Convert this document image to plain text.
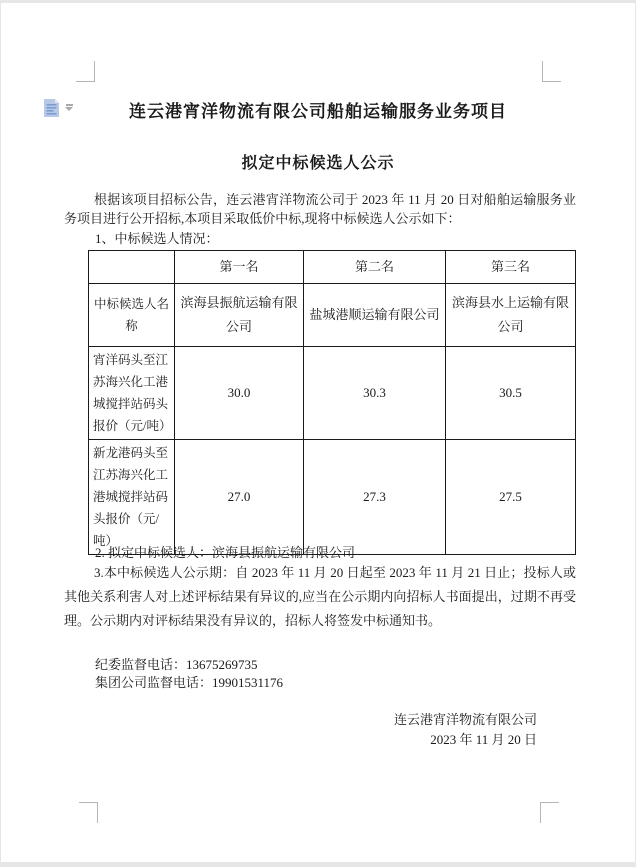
连云港宵洋物流有限公司船舶运输服务业务项目
拟定中标候选人公示
根据该项目招标公告，连云港宵洋物流公司于 2023 年 11 月 20 日对船舶运输服务业务项目进行公开招标,本项目采取低价中标,现将中标候选人公示如下：
1、中标候选人情况：
	第一名	第二名	第三名
中标候选人名称	滨海县振航运输有限公司	盐城港顺运输有限公司	滨海县水上运输有限公司
宵洋码头至江苏海兴化工港城搅拌站码头报价（元/吨）	30.0	30.3	30.5
新龙港码头至江苏海兴化工港城搅拌站码头报价（元/吨）	27.0	27.3	27.5
2. 拟定中标候选人：滨海县振航运输有限公司
3.本中标候选人公示期：自 2023 年 11 月 20 日起至 2023 年 11 月 21 日止；投标人或其他关系利害人对上述评标结果有异议的,应当在公示期内向招标人书面提出，过期不再受理。公示期内对评标结果没有异议的，招标人将签发中标通知书。
纪委监督电话：13675269735
集团公司监督电话：19901531176
连云港宵洋物流有限公司
2023 年 11 月 20 日
